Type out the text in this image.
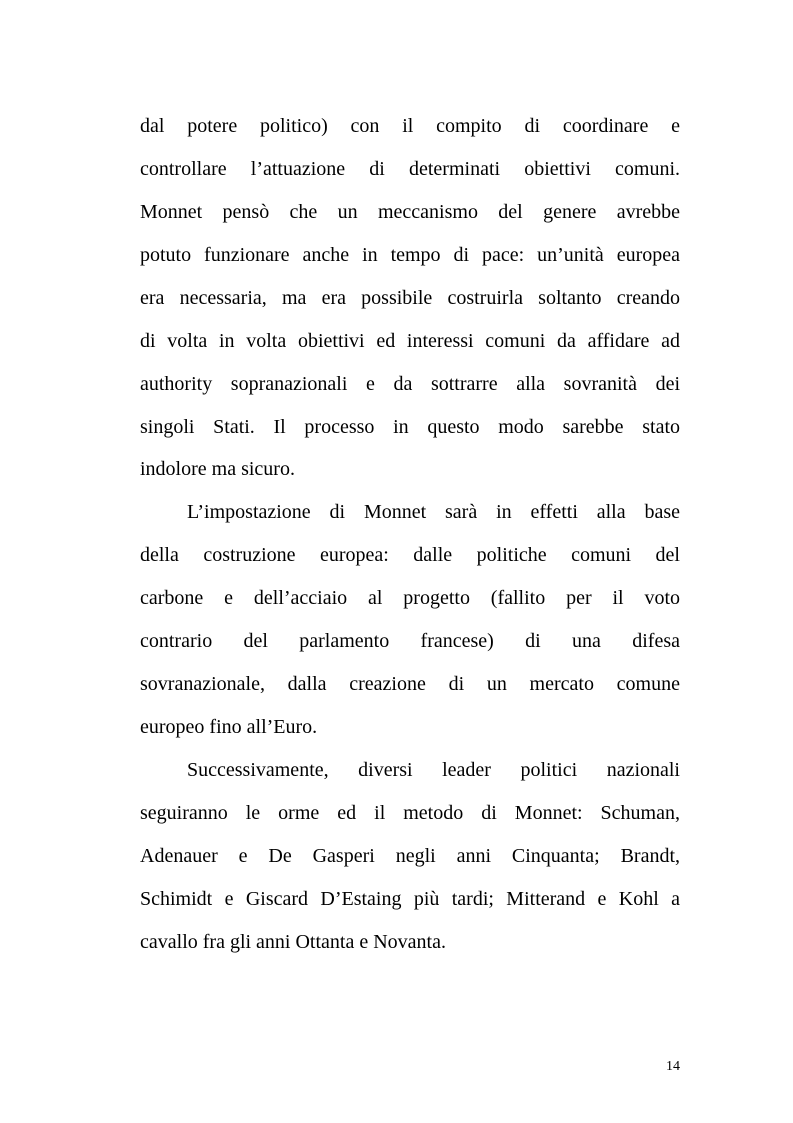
dal potere politico) con il compito di coordinare e
controllare l’attuazione di determinati obiettivi comuni.
Monnet pensò che un meccanismo del genere avrebbe
potuto funzionare anche in tempo di pace: un’unità europea
era necessaria, ma era possibile costruirla soltanto creando
di volta in volta obiettivi ed interessi comuni da affidare ad
authority sopranazionali e da sottrarre alla sovranità dei
singoli Stati. Il processo in questo modo sarebbe stato
indolore ma sicuro.
L’impostazione di Monnet sarà in effetti alla base
della costruzione europea: dalle politiche comuni del
carbone e dell’acciaio al progetto (fallito per il voto
contrario del parlamento francese) di una difesa
sovranazionale, dalla creazione di un mercato comune
europeo fino all’Euro.
Successivamente, diversi leader politici nazionali
seguiranno le orme ed il metodo di Monnet: Schuman,
Adenauer e De Gasperi negli anni Cinquanta; Brandt,
Schimidt e Giscard D’Estaing più tardi; Mitterand e Kohl a
cavallo fra gli anni Ottanta e Novanta.
14
